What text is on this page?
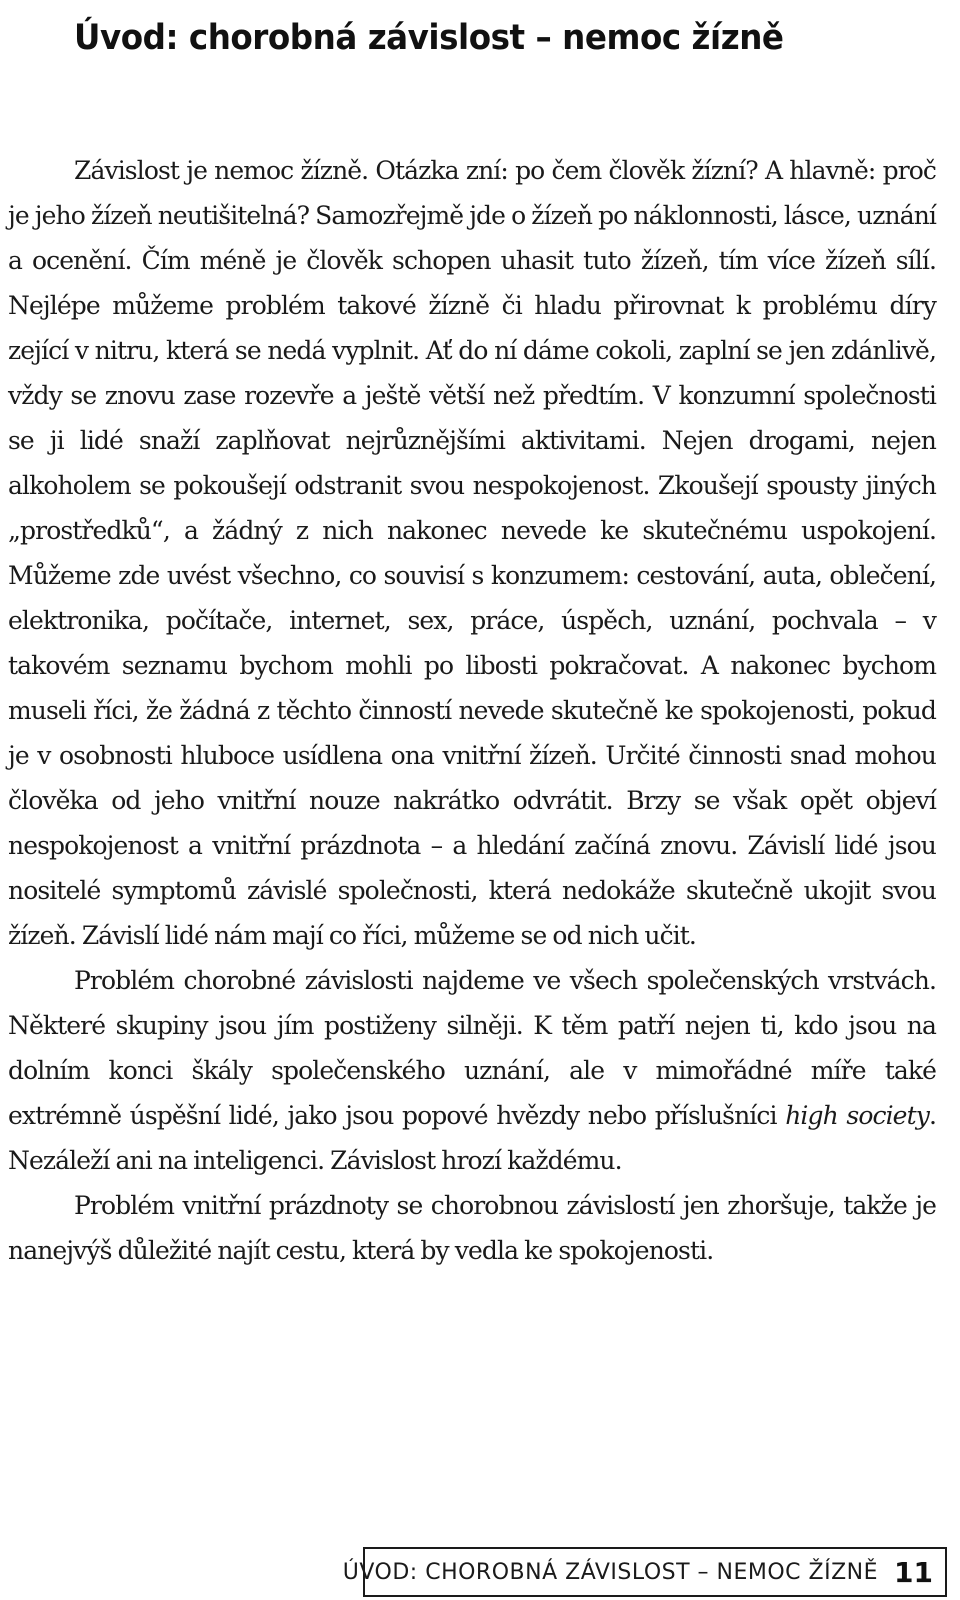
Úvod: chorobná závislost – nemoc žízně

Závislost je nemoc žízně. Otázka zní: po čem člověk žízní? A hlavně: proč je jeho žízeň neutišitelná? Samozřejmě jde o žízeň po náklonnosti, lásce, uznání a ocenění. Čím méně je člověk schopen uhasit tuto žízeň, tím více žízeň sílí. Nejlépe můžeme problém takové žízně či hladu přirovnat k problému díry zející v nitru, která se nedá vyplnit. Ať do ní dáme cokoli, zaplní se jen zdánlivě, vždy se znovu zase rozevře a ještě větší než předtím. V konzumní společnosti se ji lidé snaží zaplňovat nejrůznějšími aktivitami. Nejen drogami, nejen alkoholem se pokoušejí odstranit svou nespokojenost. Zkoušejí spousty jiných „prostředků“, a žádný z nich nakonec nevede ke skutečnému uspokojení. Můžeme zde uvést všechno, co souvisí s konzumem: cestování, auta, oblečení, elektronika, počítače, internet, sex, práce, úspěch, uznání, pochvala – v takovém seznamu bychom mohli po libosti pokračovat. A nakonec bychom museli říci, že žádná z těchto činností nevede skutečně ke spokojenosti, pokud je v osobnosti hluboce usídlena ona vnitřní žízeň. Určité činnosti snad mohou člověka od jeho vnitřní nouze nakrátko odvrátit. Brzy se však opět objeví nespokojenost a vnitřní prázdnota – a hledání začíná znovu. Závislí lidé jsou nositelé symptomů závislé společnosti, která nedokáže skutečně ukojit svou žízeň. Závislí lidé nám mají co říci, můžeme se od nich učit.

Problém chorobné závislosti najdeme ve všech společenských vrstvách. Některé skupiny jsou jím postiženy silněji. K těm patří nejen ti, kdo jsou na dolním konci škály společenského uznání, ale v mimořádné míře také extrémně úspěšní lidé, jako jsou popové hvězdy nebo příslušníci high society. Nezáleží ani na inteligenci. Závislost hrozí každému.

Problém vnitřní prázdnoty se chorobnou závislostí jen zhoršuje, takže je nanejvýš důležité najít cestu, která by vedla ke spokojenosti.

ÚVOD: CHOROBNÁ ZÁVISLOST – NEMOC ŽÍZNĚ 11
